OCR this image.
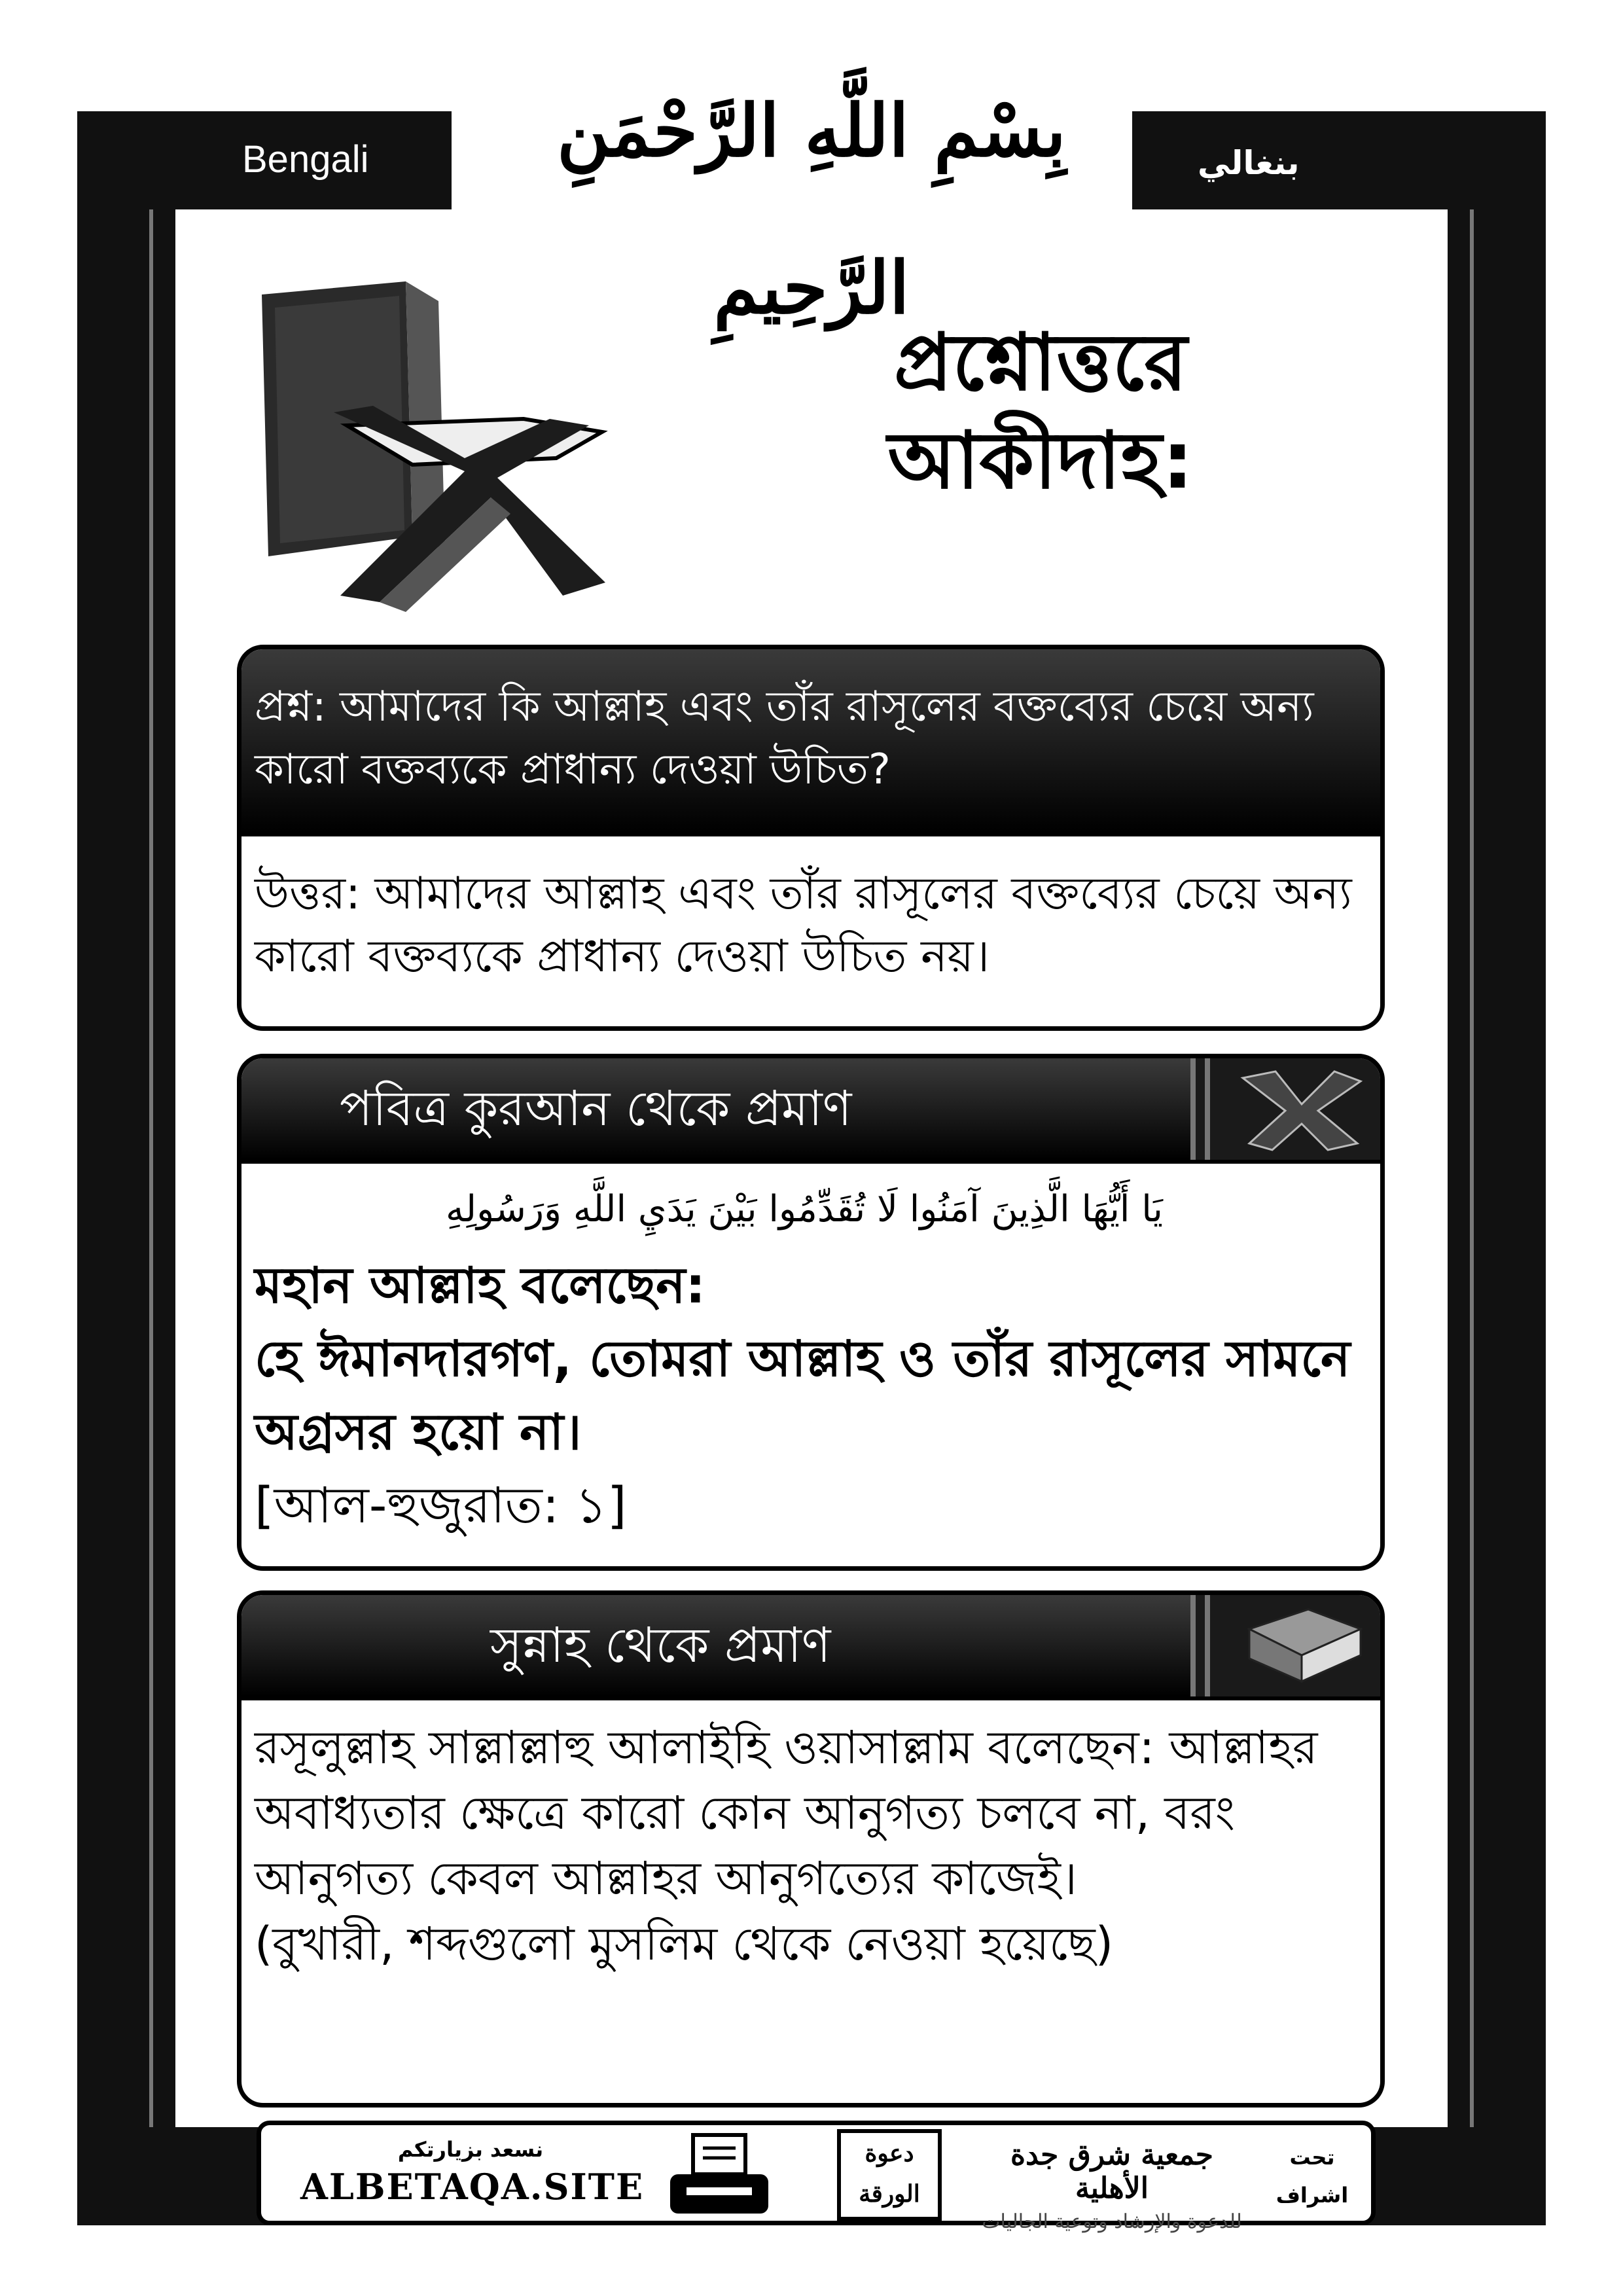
Bengali	بنغالي
بِسْمِ اللَّهِ الرَّحْمَنِ الرَّحِيمِ
প্রশ্নোত্তরে
আকীদাহ:
প্রশ্ন: আমাদের কি আল্লাহ এবং তাঁর রাসূলের বক্তব্যের চেয়ে অন্য কারো বক্তব্যকে প্রাধান্য দেওয়া উচিত?
উত্তর: আমাদের আল্লাহ এবং তাঁর রাসূলের বক্তব্যের চেয়ে অন্য কারো বক্তব্যকে প্রাধান্য দেওয়া উচিত নয়।
পবিত্র কুরআন থেকে প্রমাণ
يَا أَيُّهَا الَّذِينَ آمَنُوا لَا تُقَدِّمُوا بَيْنَ يَدَيِ اللَّهِ وَرَسُولِهِ
মহান আল্লাহ বলেছেন:
হে ঈমানদারগণ, তোমরা আল্লাহ ও তাঁর রাসূলের সামনে অগ্রসর হয়ো না।
[আল-হুজুরাত: ১]
সুন্নাহ থেকে প্রমাণ
রসূলুল্লাহ সাল্লাল্লাহু আলাইহি ওয়াসাল্লাম বলেছেন: আল্লাহর অবাধ্যতার ক্ষেত্রে কারো কোন আনুগত্য চলবে না, বরং আনুগত্য কেবল আল্লাহর আনুগত্যের কাজেই।
(বুখারী, শব্দগুলো মুসলিম থেকে নেওয়া হয়েছে)
نسعد بزيارتكم
ALBETAQA.SITE
دعوة
الورقة
جمعية شرق جدة الأهلية
للدعوة والإرشاد وتوعية الجاليات
تحت
اشراف
